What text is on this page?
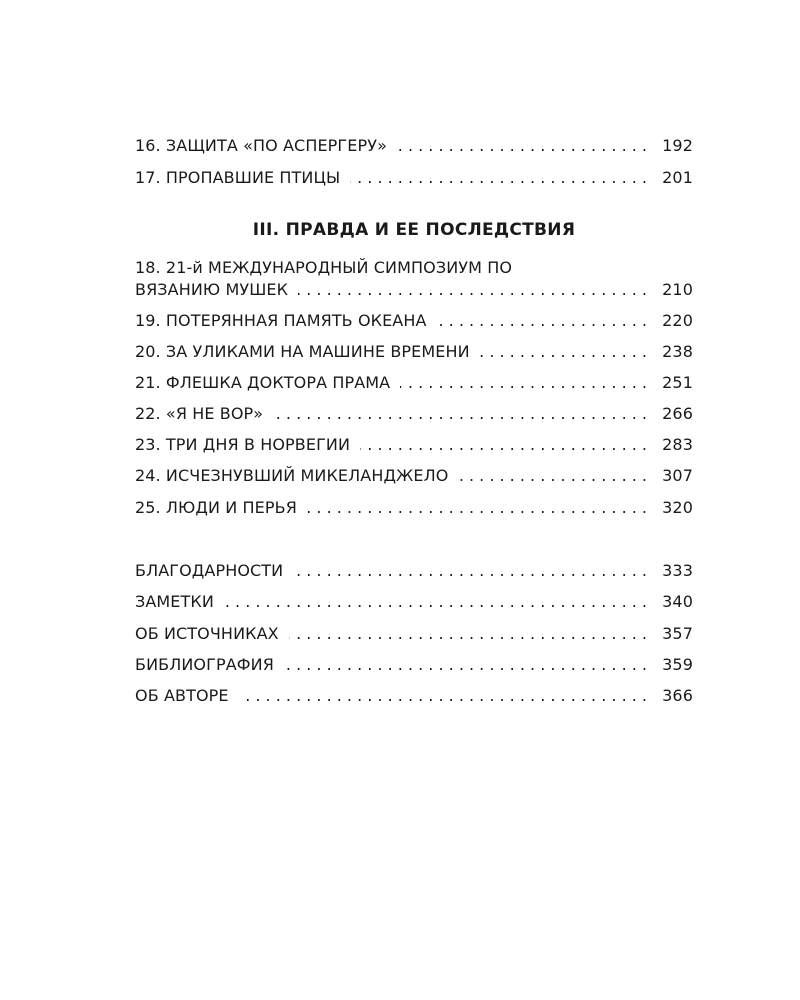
16. ЗАЩИТА «ПО АСПЕРГЕРУ» . . .	192
17. ПРОПАВШИЕ ПТИЦЫ . . .	201
III. ПРАВДА И ЕЕ ПОСЛЕДСТВИЯ
18. 21-й МЕЖДУНАРОДНЫЙ СИМПОЗИУМ ПО
ВЯЗАНИЮ МУШЕК . . .	210
19. ПОТЕРЯННАЯ ПАМЯТЬ ОКЕАНА . . .	220
20. ЗА УЛИКАМИ НА МАШИНЕ ВРЕМЕНИ . . .	238
21. ФЛЕШКА ДОКТОРА ПРАМА . . .	251
22. «Я НЕ ВОР» . . .	266
23. ТРИ ДНЯ В НОРВЕГИИ . . .	283
24. ИСЧЕЗНУВШИЙ МИКЕЛАНДЖЕЛО . . .	307
25. ЛЮДИ И ПЕРЬЯ . . .	320
БЛАГОДАРНОСТИ . . .	333
ЗАМЕТКИ . . .	340
ОБ ИСТОЧНИКАХ . . .	357
БИБЛИОГРАФИЯ . . .	359
ОБ АВТОРЕ . . .	366
